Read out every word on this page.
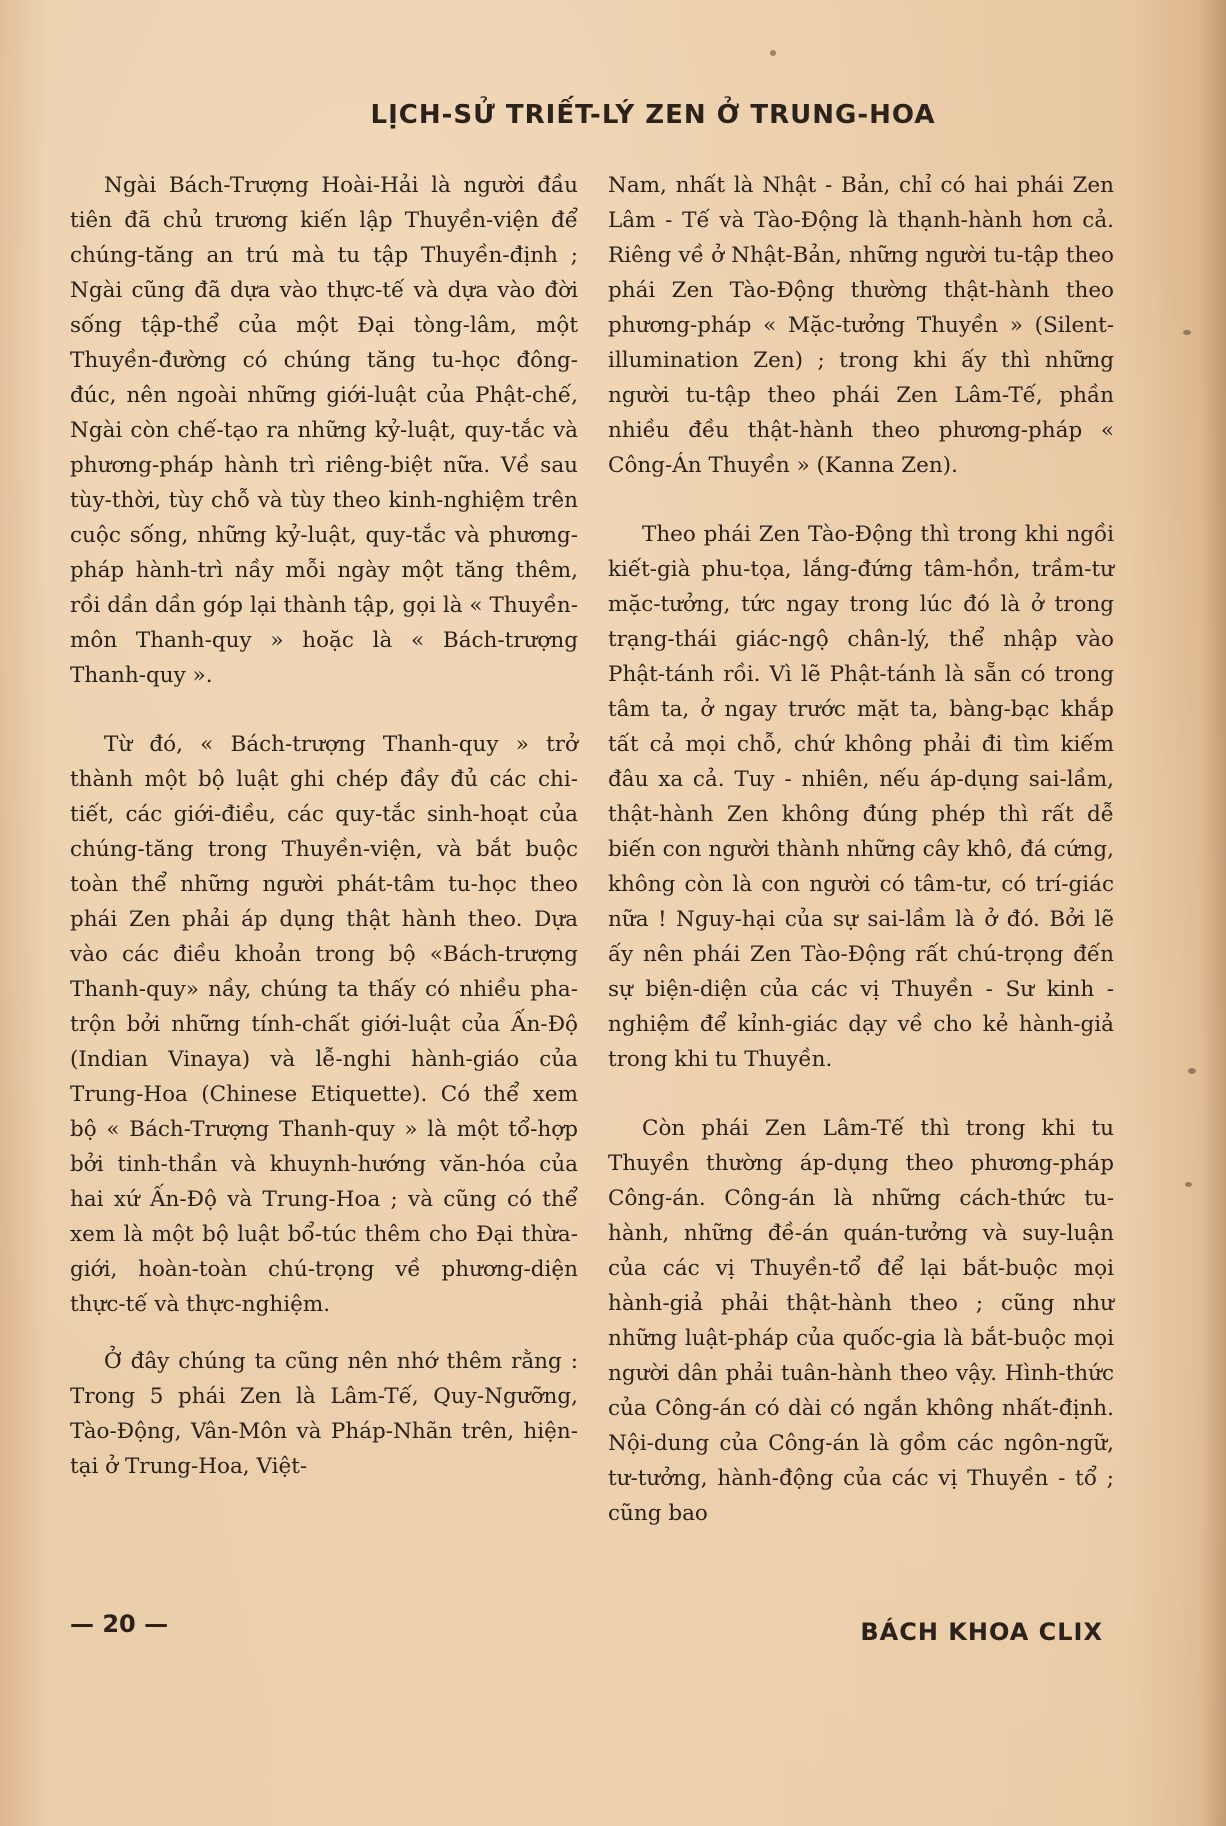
LỊCH-SỬ TRIẾT-LÝ ZEN Ở TRUNG-HOA

Ngài Bách-Trượng Hoài-Hải là người đầu tiên đã chủ trương kiến lập Thuyền-viện để chúng-tăng an trú mà tu tập Thuyền-định ; Ngài cũng đã dựa vào thực-tế và dựa vào đời sống tập-thể của một Đại tòng-lâm, một Thuyền-đường có chúng tăng tu-học đông-đúc, nên ngoài những giới-luật của Phật-chế, Ngài còn chế-tạo ra những kỷ-luật, quy-tắc và phương-pháp hành trì riêng-biệt nữa. Về sau tùy-thời, tùy chỗ và tùy theo kinh-nghiệm trên cuộc sống, những kỷ-luật, quy-tắc và phương-pháp hành-trì nầy mỗi ngày một tăng thêm, rồi dần dần góp lại thành tập, gọi là « Thuyền-môn Thanh-quy » hoặc là « Bách-trượng Thanh-quy ».

Từ đó, « Bách-trượng Thanh-quy » trở thành một bộ luật ghi chép đầy đủ các chi-tiết, các giới-điều, các quy-tắc sinh-hoạt của chúng-tăng trong Thuyền-viện, và bắt buộc toàn thể những người phát-tâm tu-học theo phái Zen phải áp dụng thật hành theo. Dựa vào các điều khoản trong bộ «Bách-trượng Thanh-quy» nầy, chúng ta thấy có nhiều pha-trộn bởi những tính-chất giới-luật của Ấn-Độ (Indian Vinaya) và lễ-nghi hành-giáo của Trung-Hoa (Chinese Etiquette). Có thể xem bộ « Bách-Trượng Thanh-quy » là một tổ-hợp bởi tinh-thần và khuynh-hướng văn-hóa của hai xứ Ấn-Độ và Trung-Hoa ; và cũng có thể xem là một bộ luật bổ-túc thêm cho Đại thừa-giới, hoàn-toàn chú-trọng về phương-diện thực-tế và thực-nghiệm.

Ở đây chúng ta cũng nên nhớ thêm rằng : Trong 5 phái Zen là Lâm-Tế, Quy-Ngưỡng, Tào-Động, Vân-Môn và Pháp-Nhãn trên, hiện-tại ở Trung-Hoa, Việt-

Nam, nhất là Nhật - Bản, chỉ có hai phái Zen Lâm - Tế và Tào-Động là thạnh-hành hơn cả. Riêng về ở Nhật-Bản, những người tu-tập theo phái Zen Tào-Động thường thật-hành theo phương-pháp « Mặc-tưởng Thuyền » (Silent-illumination Zen) ; trong khi ấy thì những người tu-tập theo phái Zen Lâm-Tế, phần nhiều đều thật-hành theo phương-pháp « Công-Án Thuyền » (Kanna Zen).

Theo phái Zen Tào-Động thì trong khi ngồi kiết-già phu-tọa, lắng-đứng tâm-hồn, trầm-tư mặc-tưởng, tức ngay trong lúc đó là ở trong trạng-thái giác-ngộ chân-lý, thể nhập vào Phật-tánh rồi. Vì lẽ Phật-tánh là sẵn có trong tâm ta, ở ngay trước mặt ta, bàng-bạc khắp tất cả mọi chỗ, chứ không phải đi tìm kiếm đâu xa cả. Tuy - nhiên, nếu áp-dụng sai-lầm, thật-hành Zen không đúng phép thì rất dễ biến con người thành những cây khô, đá cứng, không còn là con người có tâm-tư, có trí-giác nữa ! Nguy-hại của sự sai-lầm là ở đó. Bởi lẽ ấy nên phái Zen Tào-Động rất chú-trọng đến sự biện-diện của các vị Thuyền - Sư kinh - nghiệm để kỉnh-giác dạy về cho kẻ hành-giả trong khi tu Thuyền.

Còn phái Zen Lâm-Tế thì trong khi tu Thuyền thường áp-dụng theo phương-pháp Công-án. Công-án là những cách-thức tu-hành, những đề-án quán-tưởng và suy-luận của các vị Thuyền-tổ để lại bắt-buộc mọi hành-giả phải thật-hành theo ; cũng như những luật-pháp của quốc-gia là bắt-buộc mọi người dân phải tuân-hành theo vậy. Hình-thức của Công-án có dài có ngắn không nhất-định. Nội-dung của Công-án là gồm các ngôn-ngữ, tư-tưởng, hành-động của các vị Thuyền - tổ ; cũng bao

— 20 —	BÁCH KHOA CLIX
